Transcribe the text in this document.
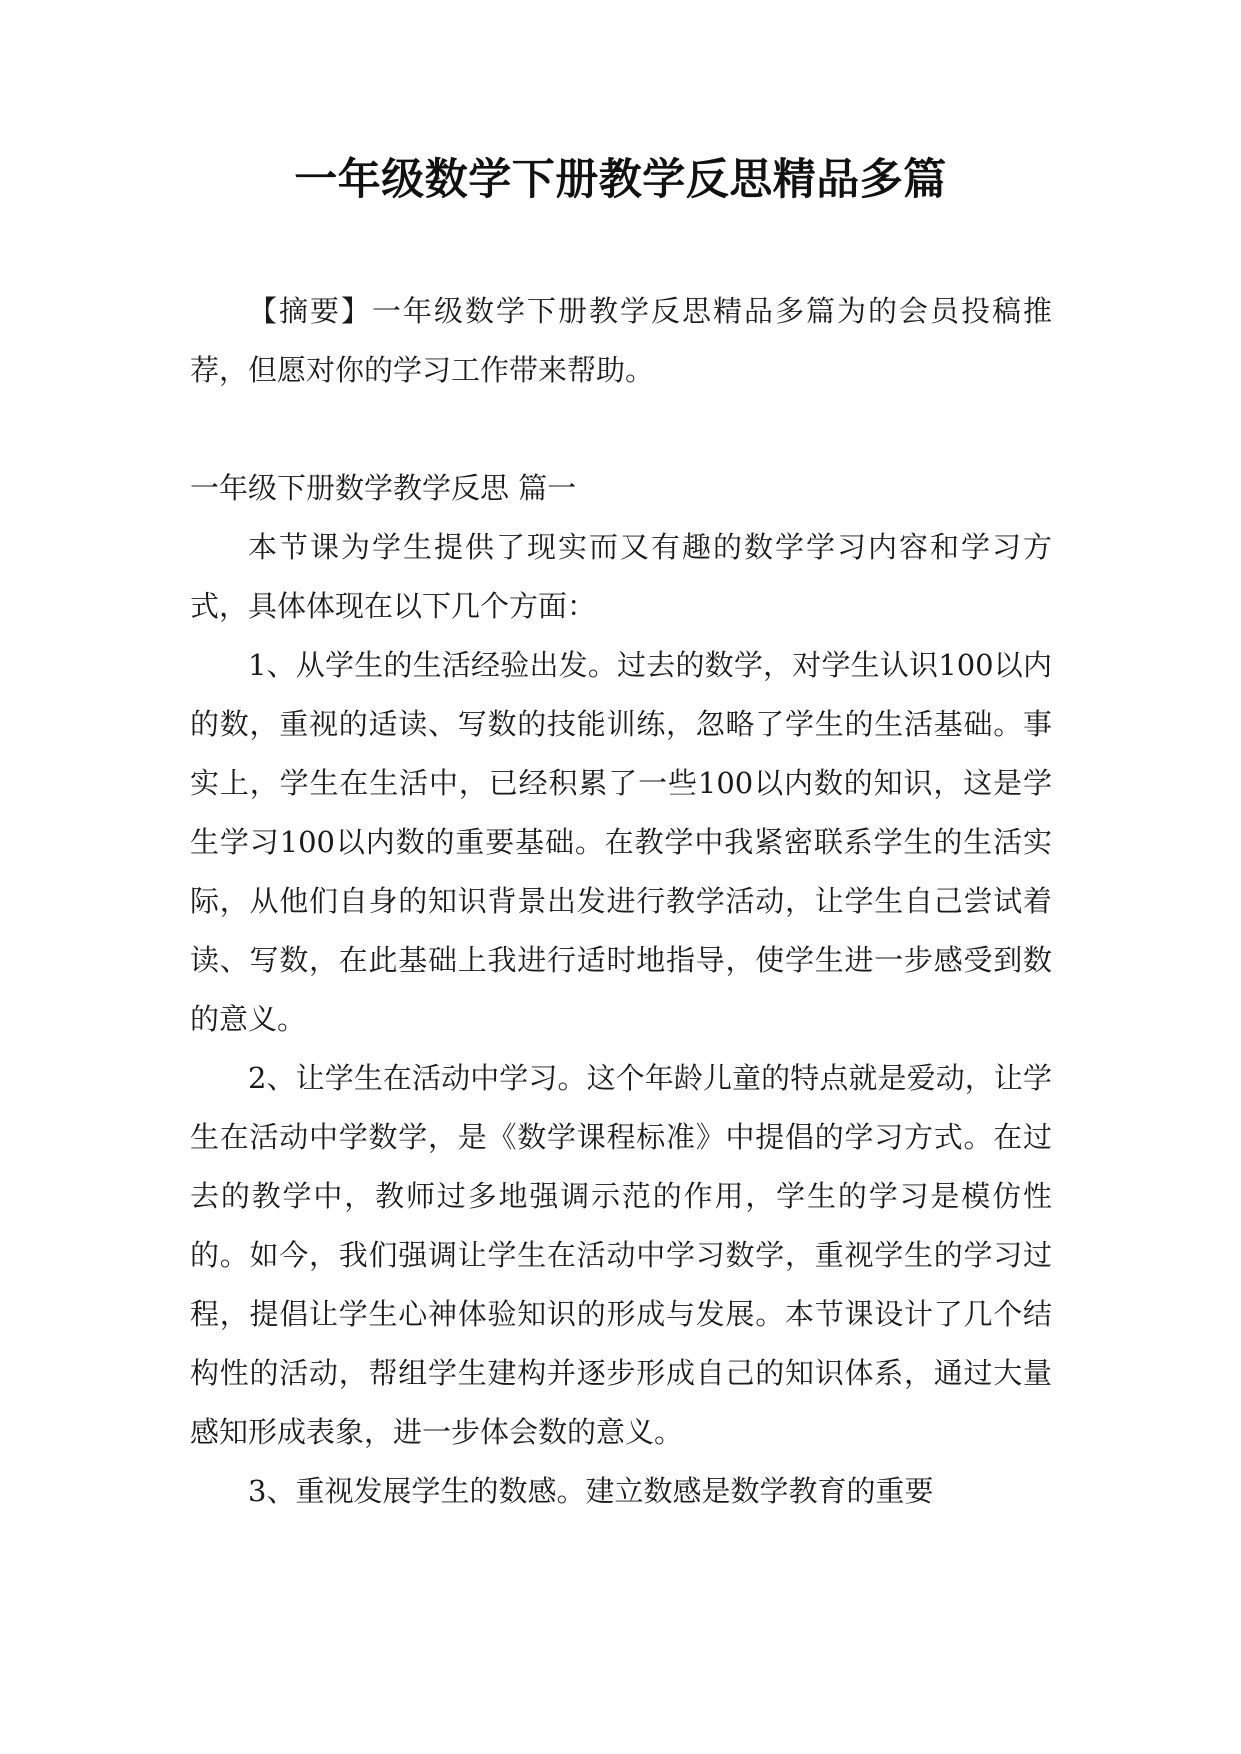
一年级数学下册教学反思精品多篇

【摘要】一年级数学下册教学反思精品多篇为的会员投稿推荐，但愿对你的学习工作带来帮助。

一年级下册数学教学反思 篇一

本节课为学生提供了现实而又有趣的数学学习内容和学习方式，具体体现在以下几个方面：

1、从学生的生活经验出发。过去的数学，对学生认识100以内的数，重视的适读、写数的技能训练，忽略了学生的生活基础。事实上，学生在生活中，已经积累了一些100以内数的知识，这是学生学习100以内数的重要基础。在教学中我紧密联系学生的生活实际，从他们自身的知识背景出发进行教学活动，让学生自己尝试着读、写数，在此基础上我进行适时地指导，使学生进一步感受到数的意义。

2、让学生在活动中学习。这个年龄儿童的特点就是爱动，让学生在活动中学数学，是《数学课程标准》中提倡的学习方式。在过去的教学中，教师过多地强调示范的作用，学生的学习是模仿性的。如今，我们强调让学生在活动中学习数学，重视学生的学习过程，提倡让学生心神体验知识的形成与发展。本节课设计了几个结构性的活动，帮组学生建构并逐步形成自己的知识体系，通过大量感知形成表象，进一步体会数的意义。

3、重视发展学生的数感。建立数感是数学教育的重要
